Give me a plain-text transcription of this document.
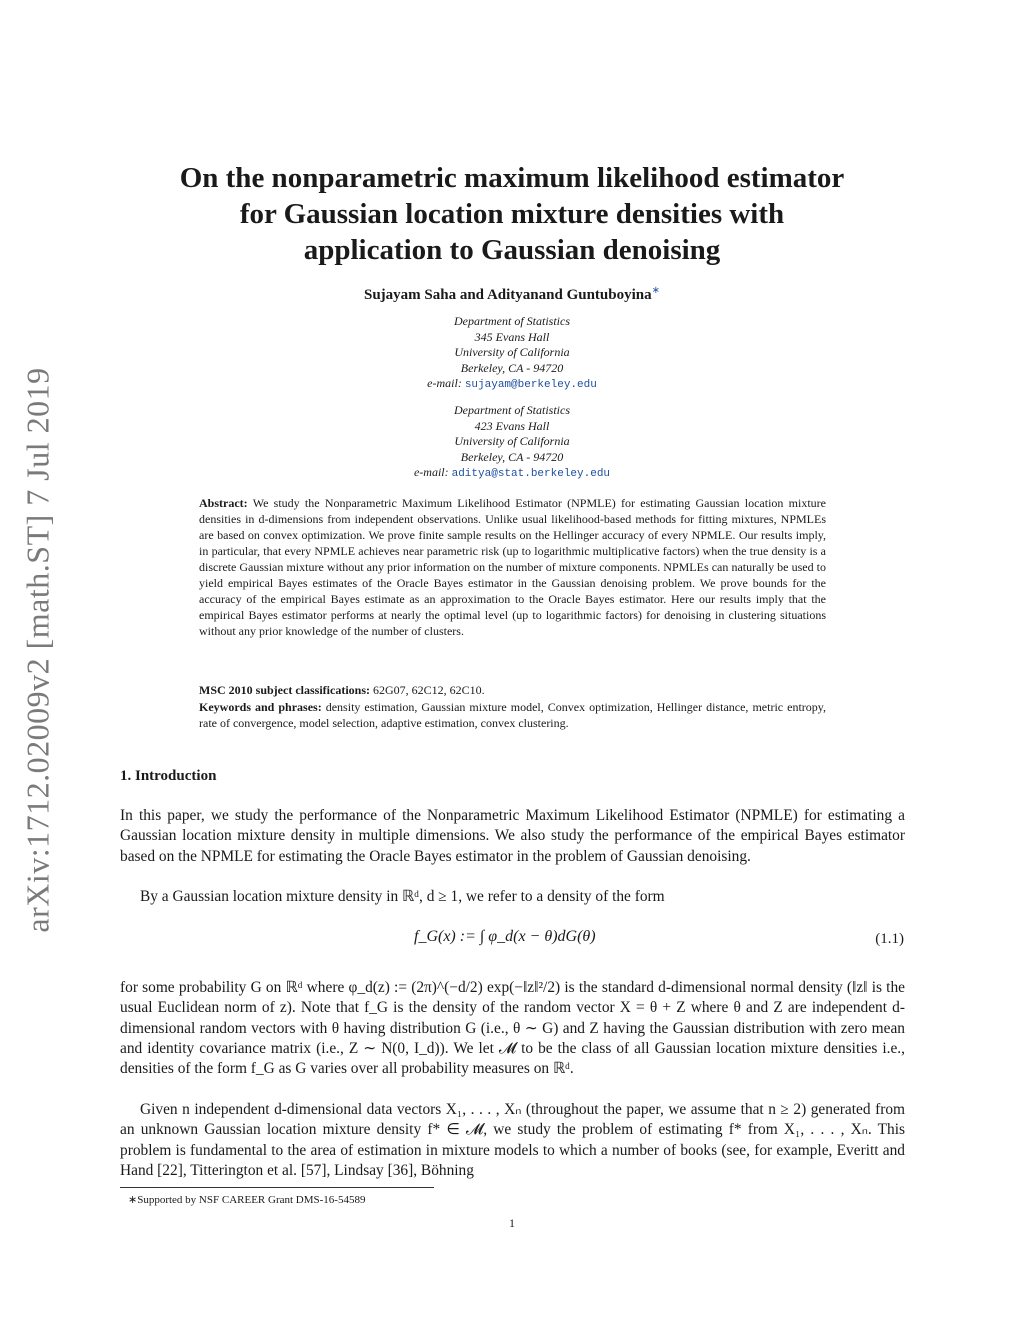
arXiv:1712.02009v2 [math.ST] 7 Jul 2019
On the nonparametric maximum likelihood estimator
for Gaussian location mixture densities with
application to Gaussian denoising
Sujayam Saha and Adityanand Guntuboyina∗
Department of Statistics
345 Evans Hall
University of California
Berkeley, CA - 94720
e-mail: sujayam@berkeley.edu
Department of Statistics
423 Evans Hall
University of California
Berkeley, CA - 94720
e-mail: aditya@stat.berkeley.edu
Abstract: We study the Nonparametric Maximum Likelihood Estimator (NPMLE) for estimating Gaussian location mixture densities in d-dimensions from independent observations. Unlike usual likelihood-based methods for fitting mixtures, NPMLEs are based on convex optimization. We prove finite sample results on the Hellinger accuracy of every NPMLE. Our results imply, in particular, that every NPMLE achieves near parametric risk (up to logarithmic multiplicative factors) when the true density is a discrete Gaussian mixture without any prior information on the number of mixture components. NPMLEs can naturally be used to yield empirical Bayes estimates of the Oracle Bayes estimator in the Gaussian denoising problem. We prove bounds for the accuracy of the empirical Bayes estimate as an approximation to the Oracle Bayes estimator. Here our results imply that the empirical Bayes estimator performs at nearly the optimal level (up to logarithmic factors) for denoising in clustering situations without any prior knowledge of the number of clusters.
MSC 2010 subject classifications: 62G07, 62C12, 62C10.
Keywords and phrases: density estimation, Gaussian mixture model, Convex optimization, Hellinger distance, metric entropy, rate of convergence, model selection, adaptive estimation, convex clustering.
1. Introduction
In this paper, we study the performance of the Nonparametric Maximum Likelihood Estimator (NPMLE) for estimating a Gaussian location mixture density in multiple dimensions. We also study the performance of the empirical Bayes estimator based on the NPMLE for estimating the Oracle Bayes estimator in the problem of Gaussian denoising.
By a Gaussian location mixture density in ℝᵈ, d ≥ 1, we refer to a density of the form
f_G(x) := ∫ φ_d(x − θ)dG(θ)	(1.1)
for some probability G on ℝᵈ where φ_d(z) := (2π)^(−d/2) exp(−‖z‖²/2) is the standard d-dimensional normal density (‖z‖ is the usual Euclidean norm of z). Note that f_G is the density of the random vector X = θ + Z where θ and Z are independent d-dimensional random vectors with θ having distribution G (i.e., θ ∼ G) and Z having the Gaussian distribution with zero mean and identity covariance matrix (i.e., Z ∼ N(0, I_d)). We let 𝓜 to be the class of all Gaussian location mixture densities i.e., densities of the form f_G as G varies over all probability measures on ℝᵈ.
Given n independent d-dimensional data vectors X₁, . . . , Xₙ (throughout the paper, we assume that n ≥ 2) generated from an unknown Gaussian location mixture density f* ∈ 𝓜, we study the problem of estimating f* from X₁, . . . , Xₙ. This problem is fundamental to the area of estimation in mixture models to which a number of books (see, for example, Everitt and Hand [22], Titterington et al. [57], Lindsay [36], Böhning
∗Supported by NSF CAREER Grant DMS-16-54589
1
